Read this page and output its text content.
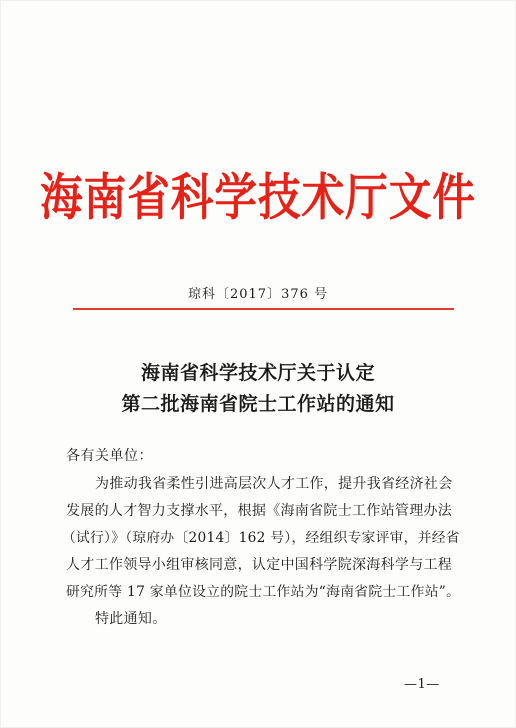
海南省科学技术厅文件
琼科〔2017〕376 号
海南省科学技术厅关于认定
第二批海南省院士工作站的通知
各有关单位：
为推动我省柔性引进高层次人才工作，提升我省经济社会
发展的人才智力支撑水平，根据《海南省院士工作站管理办法
（试行）》（琼府办〔2014〕162 号），经组织专家评审，并经省
人才工作领导小组审核同意，认定中国科学院深海科学与工程
研究所等 17 家单位设立的院士工作站为“海南省院士工作站”。
特此通知。
—1—
